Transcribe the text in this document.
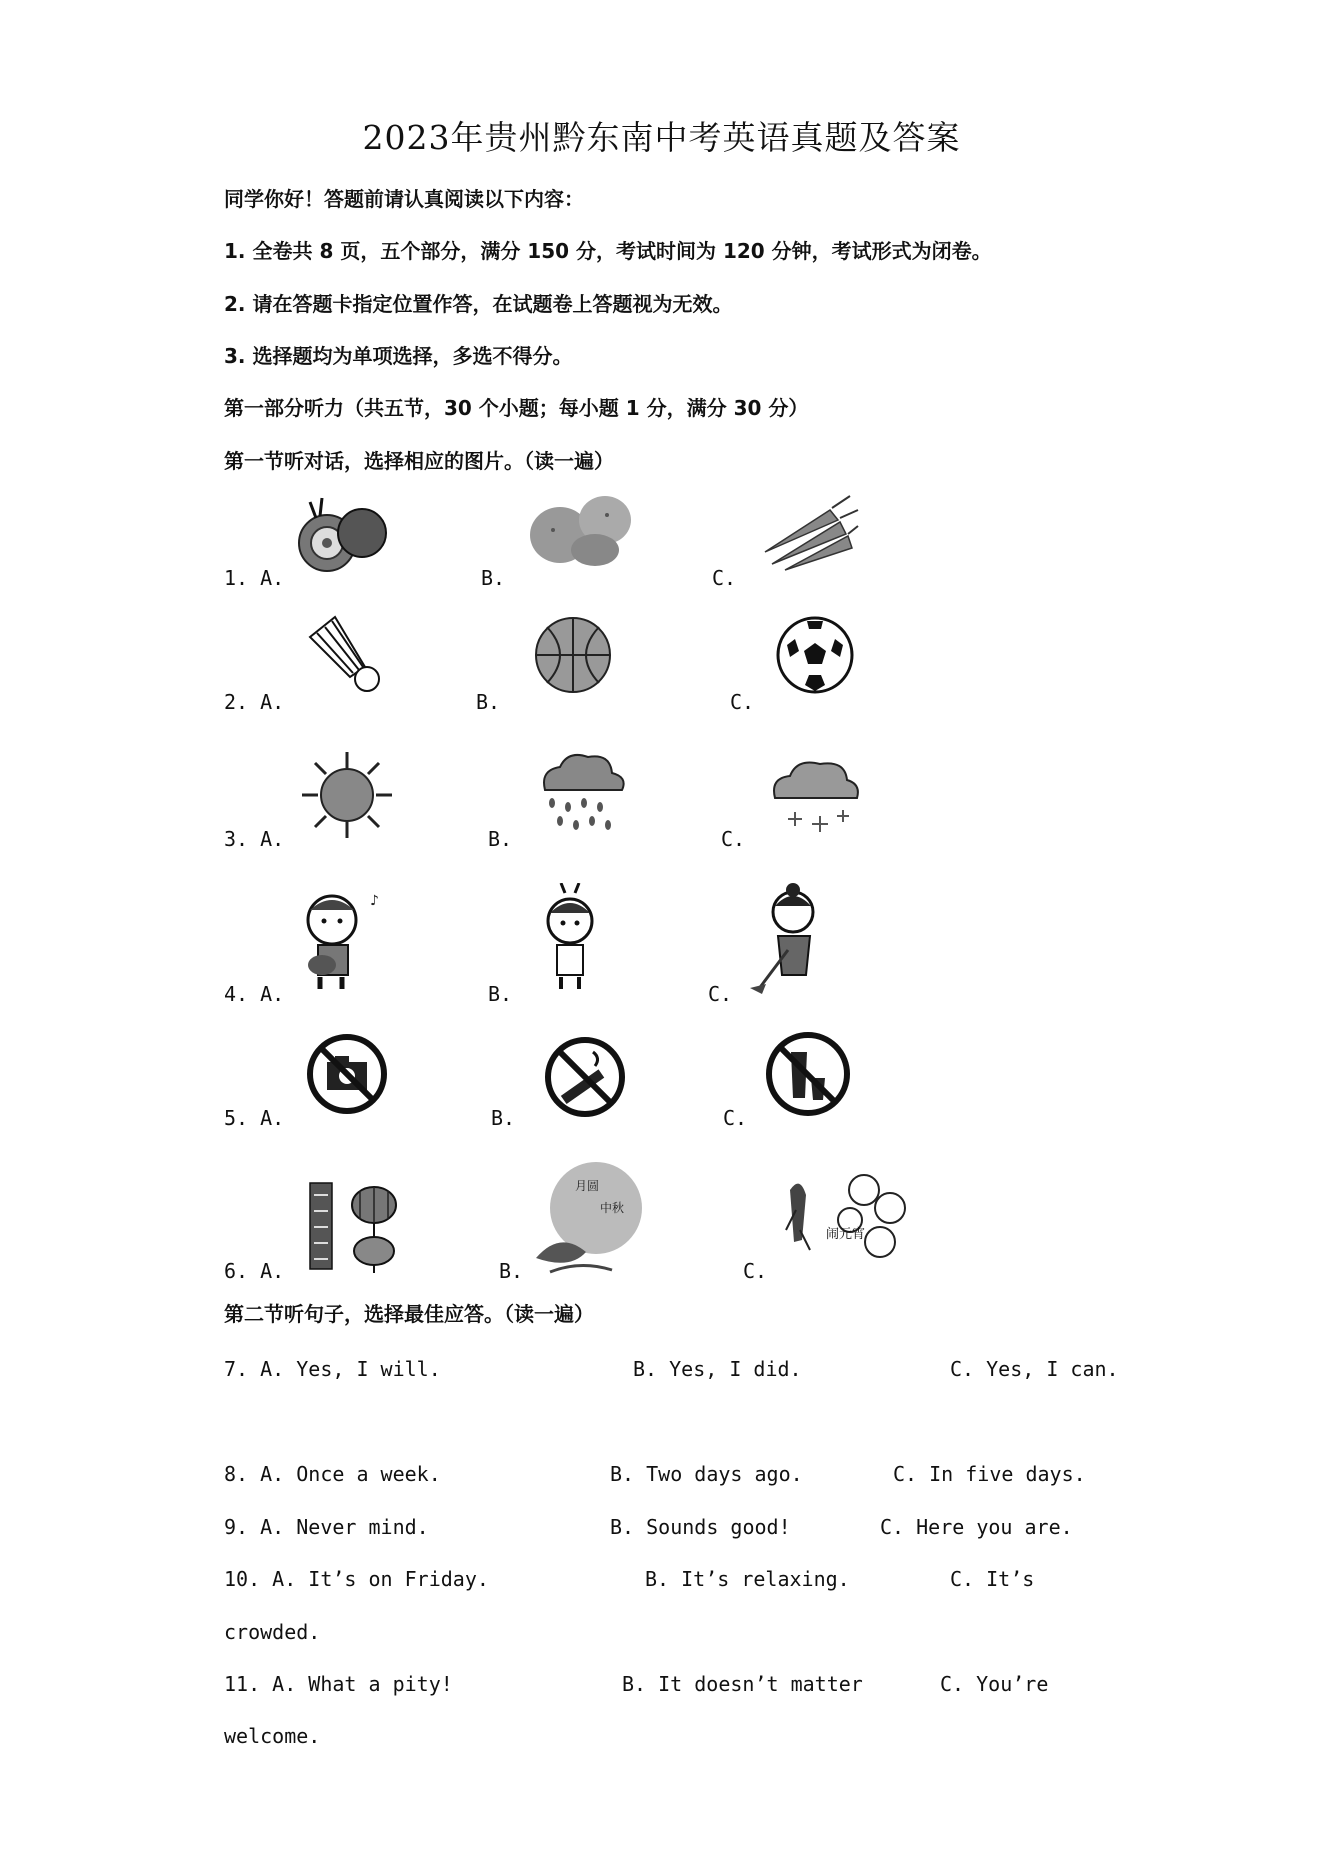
2023年贵州黔东南中考英语真题及答案
同学你好！答题前请认真阅读以下内容：
1. 全卷共 8 页，五个部分，满分 150 分，考试时间为 120 分钟，考试形式为闭卷。
2. 请在答题卡指定位置作答，在试题卷上答题视为无效。
3. 选择题均为单项选择，多选不得分。
第一部分听力（共五节，30 个小题；每小题 1 分，满分 30 分）
第一节听对话，选择相应的图片。（读一遍）
1. A.	B.	C.
2. A.	B.	C.
3. A.	B.	C.
4. A.	B.	C.
♪
5. A.	B.	C.
6. A.	B.	C.
月圆
中秋
闹元宵
第二节听句子，选择最佳应答。（读一遍）
7. A. Yes, I will.	B. Yes, I did.	C. Yes, I can.
8. A. Once a week.	B. Two days ago.	C. In five days.
9. A. Never mind.	B. Sounds good!	C. Here you are.
10. A. It’s on Friday.	B. It’s relaxing.	C. It’s
crowded.
11. A. What a pity!	B. It doesn’t matter	C. You’re
welcome.
